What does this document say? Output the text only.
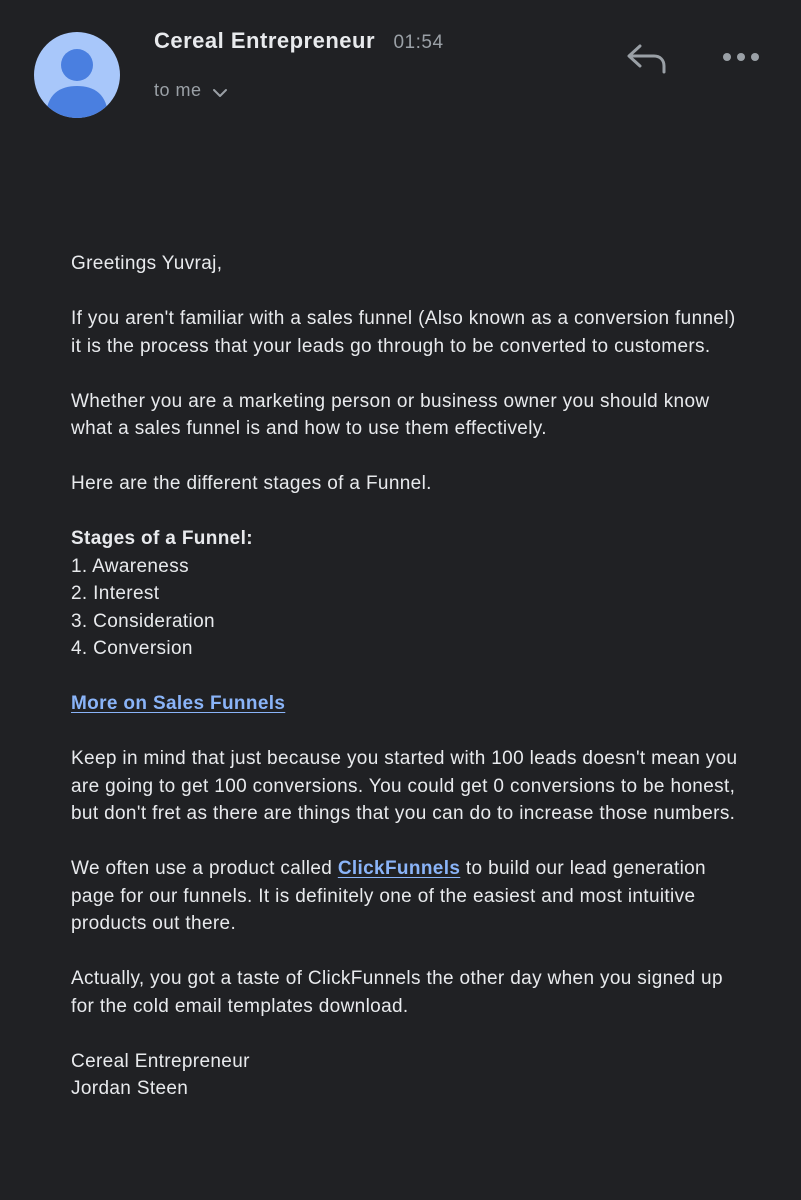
Cereal Entrepreneur 01:54
to me

Greetings Yuvraj,

If you aren't familiar with a sales funnel (Also known as a conversion funnel) it is the process that your leads go through to be converted to customers.

Whether you are a marketing person or business owner you should know what a sales funnel is and how to use them effectively.

Here are the different stages of a Funnel.

Stages of a Funnel:
1. Awareness
2. Interest
3. Consideration
4. Conversion

More on Sales Funnels

Keep in mind that just because you started with 100 leads doesn't mean you are going to get 100 conversions. You could get 0 conversions to be honest, but don't fret as there are things that you can do to increase those numbers.

We often use a product called ClickFunnels to build our lead generation page for our funnels. It is definitely one of the easiest and most intuitive products out there.

Actually, you got a taste of ClickFunnels the other day when you signed up for the cold email templates download.

Cereal Entrepreneur
Jordan Steen
